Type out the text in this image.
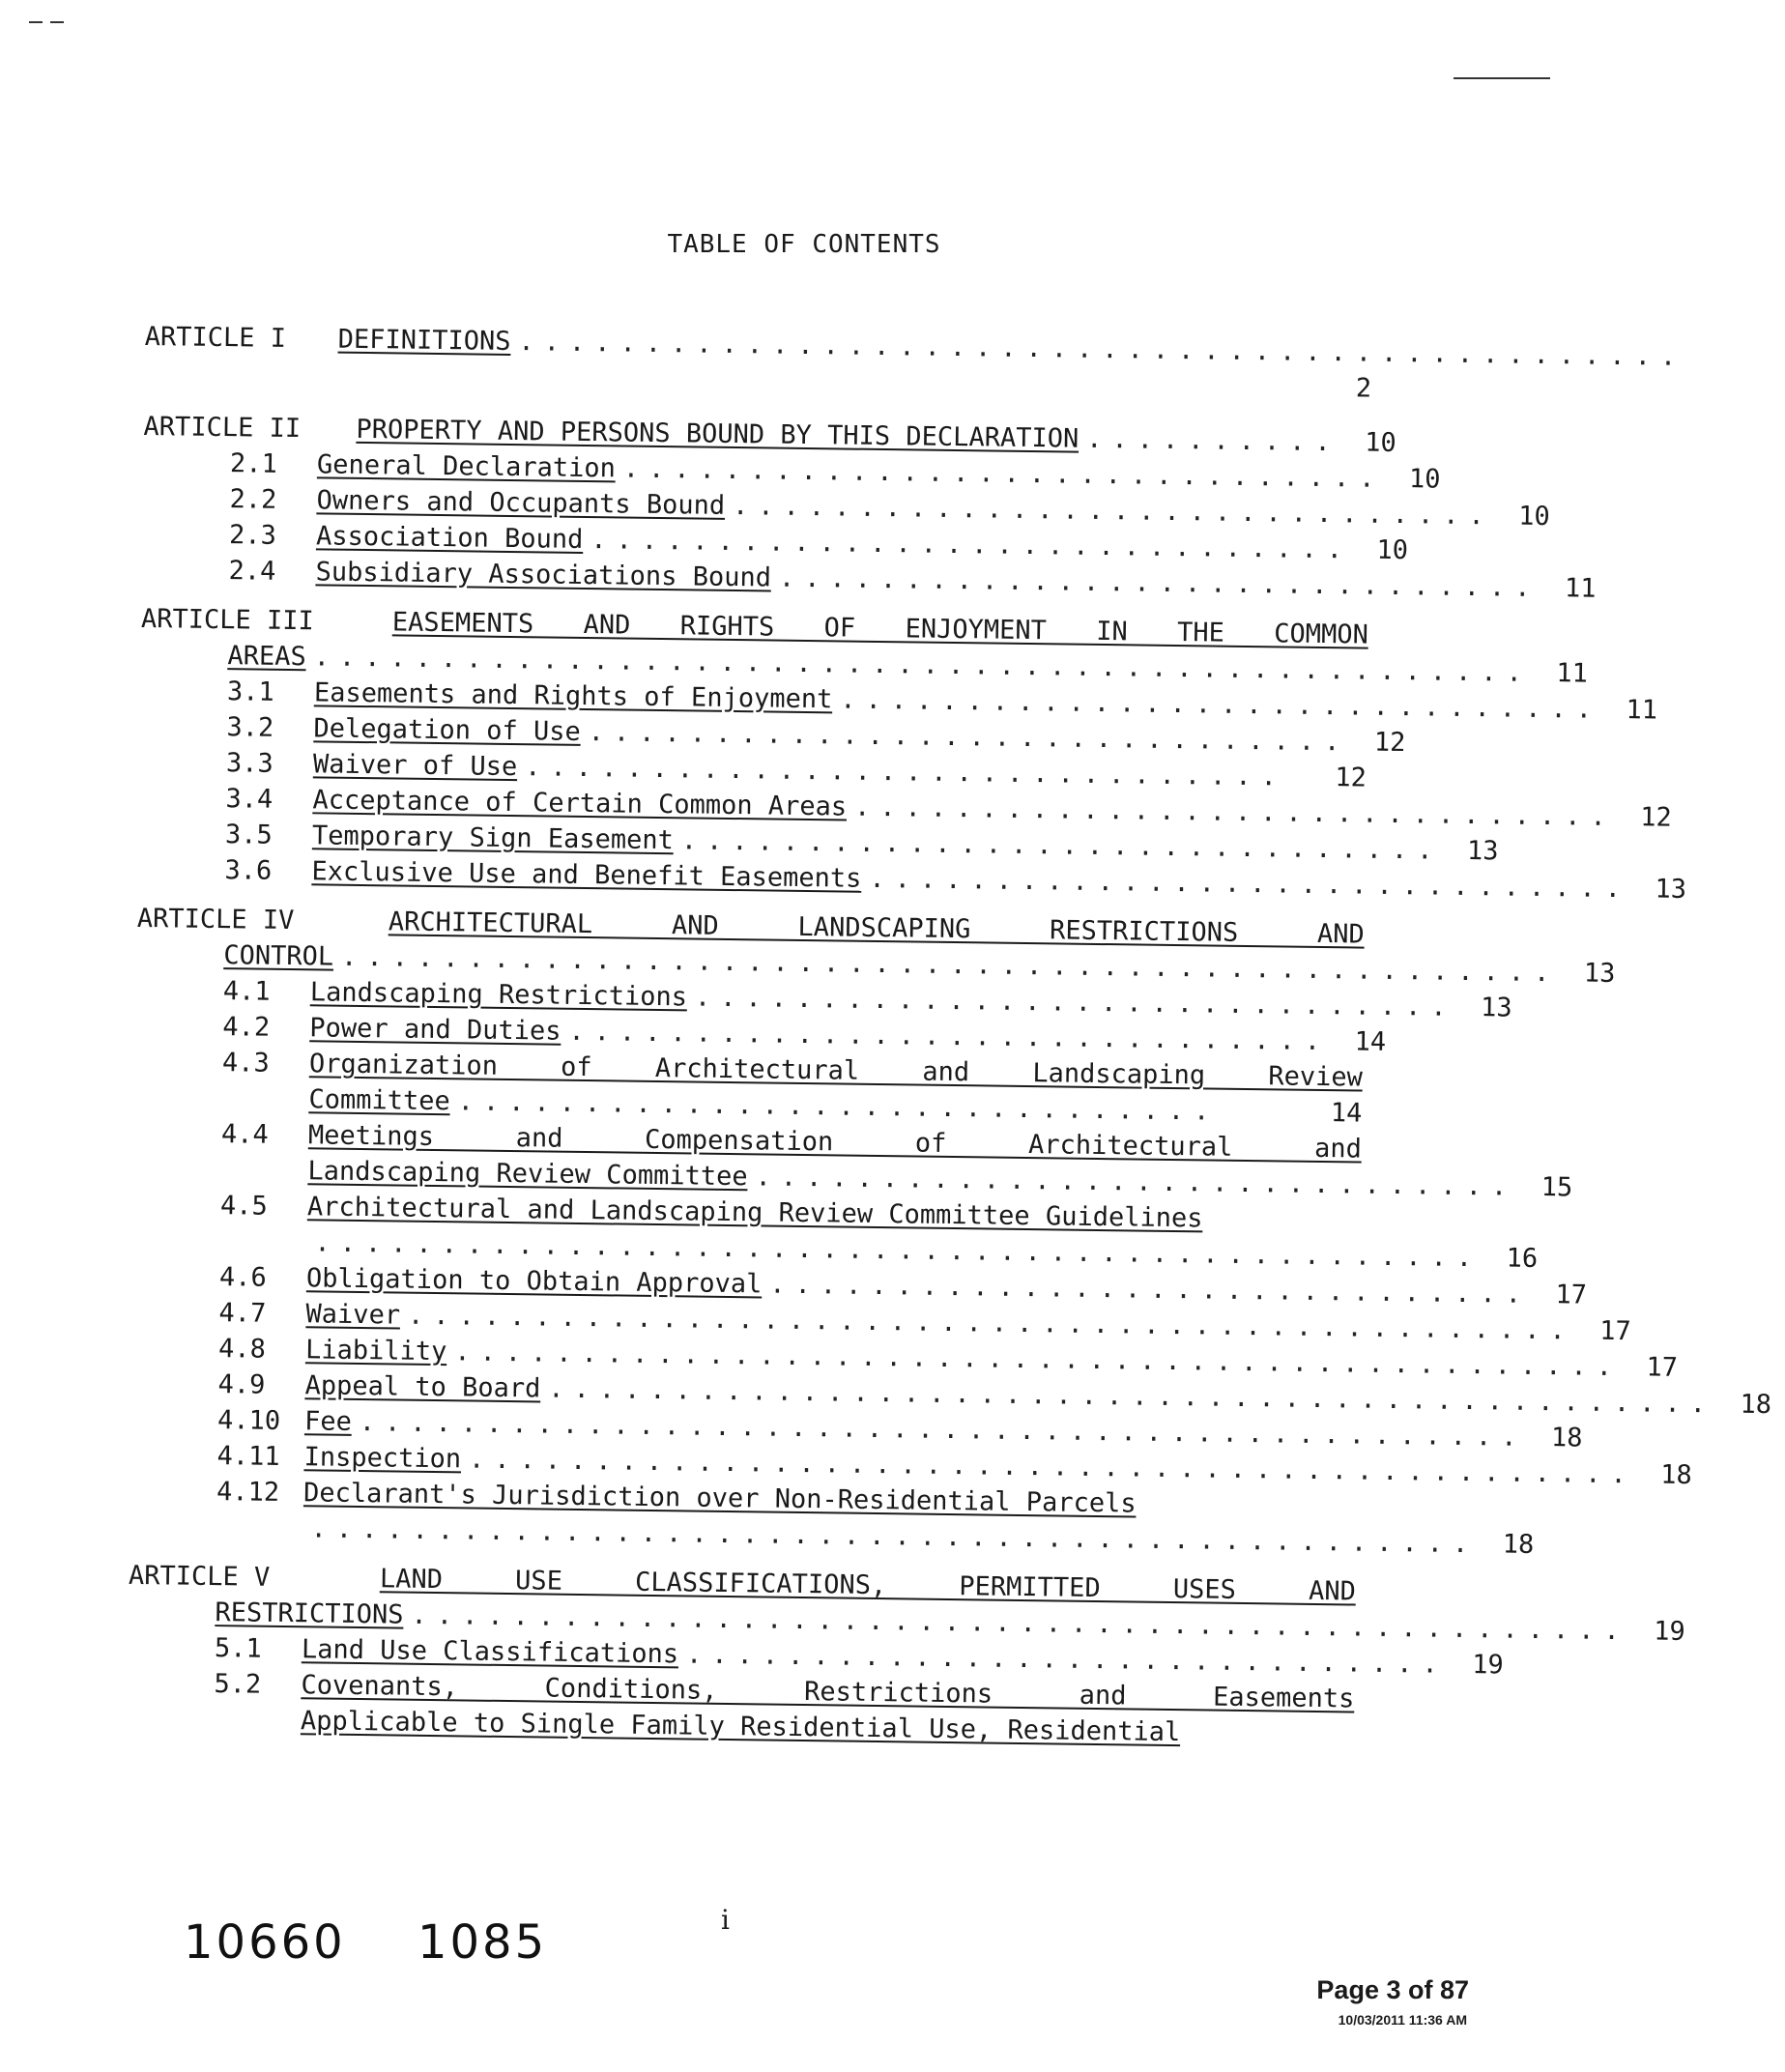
TABLE OF CONTENTS
ARTICLE I	DEFINITIONS ..............................................
2
ARTICLE II	PROPERTY AND PERSONS BOUND BY THIS DECLARATION .......... 10
2.1	General Declaration .............................. 10
2.2	Owners and Occupants Bound .............................. 10
2.3	Association Bound .............................. 10
2.4	Subsidiary Associations Bound .............................. 11
ARTICLE III	EASEMENTS AND RIGHTS OF ENJOYMENT IN THE COMMON
AREAS ................................................ 11
3.1	Easements and Rights of Enjoyment .............................. 11
3.2	Delegation of Use .............................. 12
3.3	Waiver of Use ..............................	12
3.4	Acceptance of Certain Common Areas .............................. 12
3.5	Temporary Sign Easement .............................. 13
3.6	Exclusive Use and Benefit Easements .............................. 13
ARTICLE IV	ARCHITECTURAL AND LANDSCAPING RESTRICTIONS AND
CONTROL ................................................ 13
4.1	Landscaping Restrictions .............................. 13
4.2	Power and Duties .............................. 14
4.3	Organization of Architectural and Landscaping Review
Committee ..............................	14
4.4	Meetings and Compensation of Architectural and
Landscaping Review Committee .............................. 15
4.5	Architectural and Landscaping Review Committee Guidelines
.............................................. 16
4.6	Obligation to Obtain Approval .............................. 17
4.7	Waiver .............................................. 17
4.8	Liability .............................................. 17
4.9	Appeal to Board .............................................. 18
4.10 Fee .............................................. 18
4.11 Inspection .............................................. 18
4.12 Declarant's Jurisdiction over Non-Residential Parcels
.............................................. 18
ARTICLE V	LAND USE CLASSIFICATIONS, PERMITTED USES AND
RESTRICTIONS ................................................ 19
5.1	Land Use Classifications .............................. 19
5.2	Covenants, Conditions, Restrictions and Easements
Applicable to Single Family Residential Use, Residential
i
10660 1085
Page 3 of 87
10/03/2011 11:36 AM
